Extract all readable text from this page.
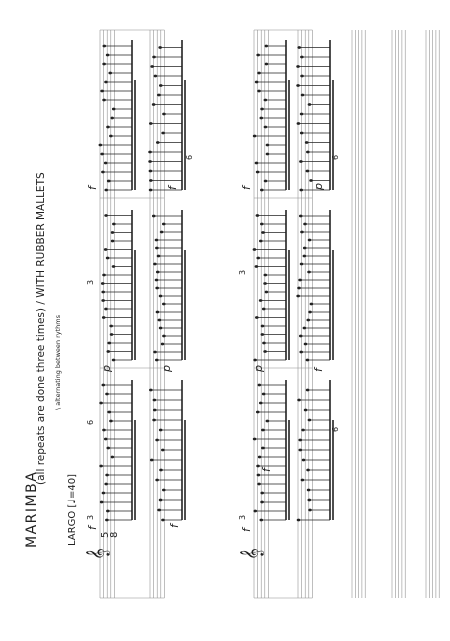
MARIMBA
(all repeats are done three times) / WITH RUBBER MALLETS \ alternating between rythms
LARGO [♩=40]
𝄞
5
8
f
f
f
p	p
f
3
3
6
6
𝄞
f
f
f
p
p
f
3
3
6
6
